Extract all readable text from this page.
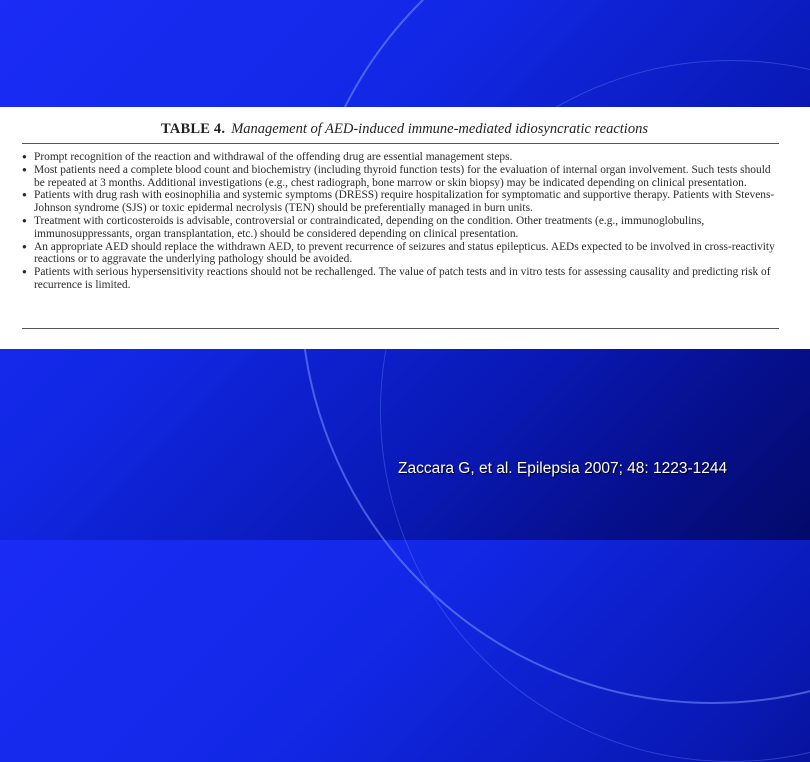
TABLE 4. Management of AED-induced immune-mediated idiosyncratic reactions
● Prompt recognition of the reaction and withdrawal of the offending drug are essential management steps.
● Most patients need a complete blood count and biochemistry (including thyroid function tests) for the evaluation of internal organ involvement. Such tests should be repeated at 3 months. Additional investigations (e.g., chest radiograph, bone marrow or skin biopsy) may be indicated depending on clinical presentation.
● Patients with drug rash with eosinophilia and systemic symptoms (DRESS) require hospitalization for symptomatic and supportive therapy. Patients with Stevens-Johnson syndrome (SJS) or toxic epidermal necrolysis (TEN) should be preferentially managed in burn units.
● Treatment with corticosteroids is advisable, controversial or contraindicated, depending on the condition. Other treatments (e.g., immunoglobulins, immunosuppressants, organ transplantation, etc.) should be considered depending on clinical presentation.
● An appropriate AED should replace the withdrawn AED, to prevent recurrence of seizures and status epilepticus. AEDs expected to be involved in cross-reactivity reactions or to aggravate the underlying pathology should be avoided.
● Patients with serious hypersensitivity reactions should not be rechallenged. The value of patch tests and in vitro tests for assessing causality and predicting risk of recurrence is limited.
Zaccara G, et al. Epilepsia 2007; 48: 1223-1244
